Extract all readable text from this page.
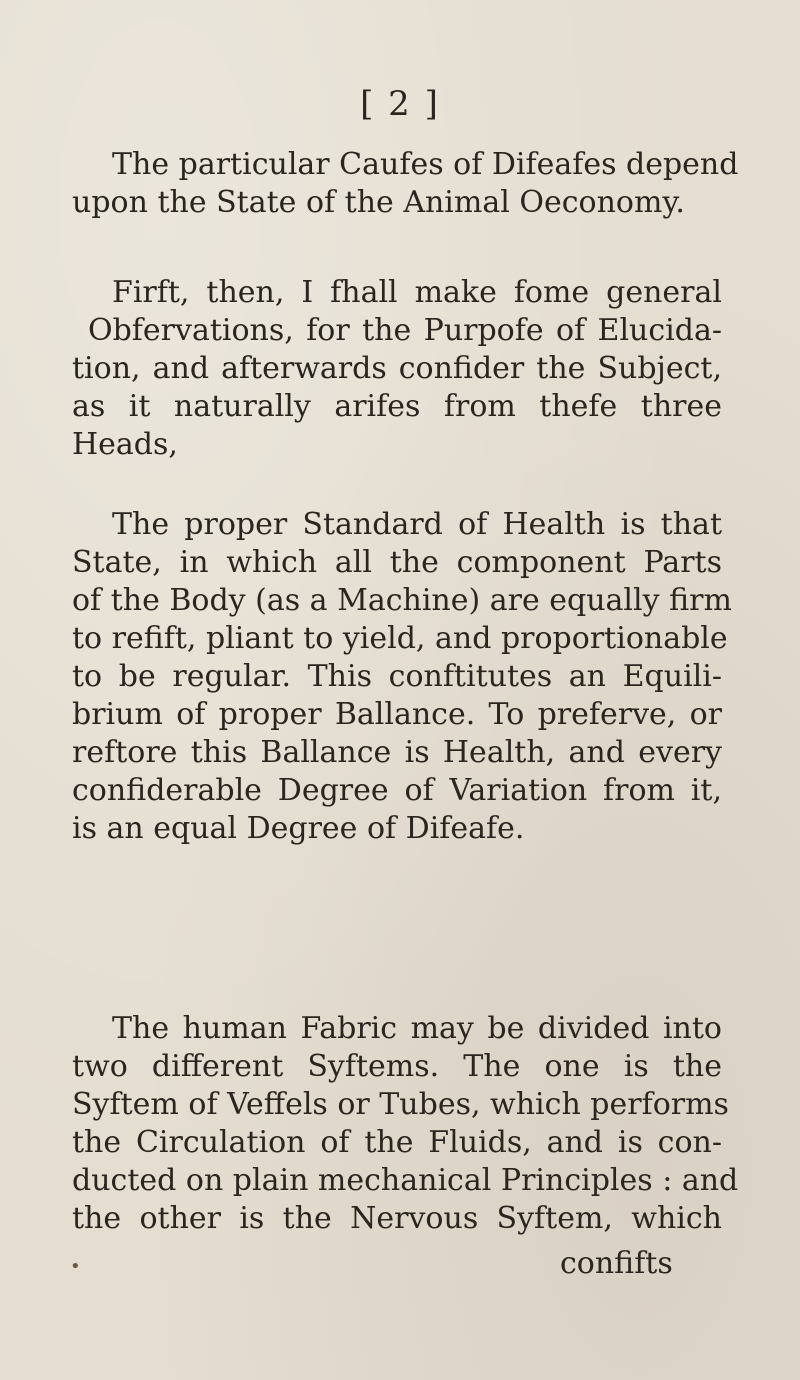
[ 2 ]
The particular Caufes of Difeafes depend
upon the State of the Animal Oeconomy.
Firft, then, I fhall make fome general
Obfervations, for the Purpofe of Elucida-
tion, and afterwards confider the Subject,
as it naturally arifes from thefe three
Heads,
The proper Standard of Health is that
State, in which all the component Parts
of the Body (as a Machine) are equally firm
to refift, pliant to yield, and proportionable
to be regular. This conftitutes an Equili-
brium of proper Ballance. To preferve, or
reftore this Ballance is Health, and every
confiderable Degree of Variation from it,
is an equal Degree of Difeafe.
The human Fabric may be divided into
two different Syftems. The one is the
Syftem of Veffels or Tubes, which performs
the Circulation of the Fluids, and is con-
ducted on plain mechanical Principles : and
the other is the Nervous Syftem, which
confifts
•
